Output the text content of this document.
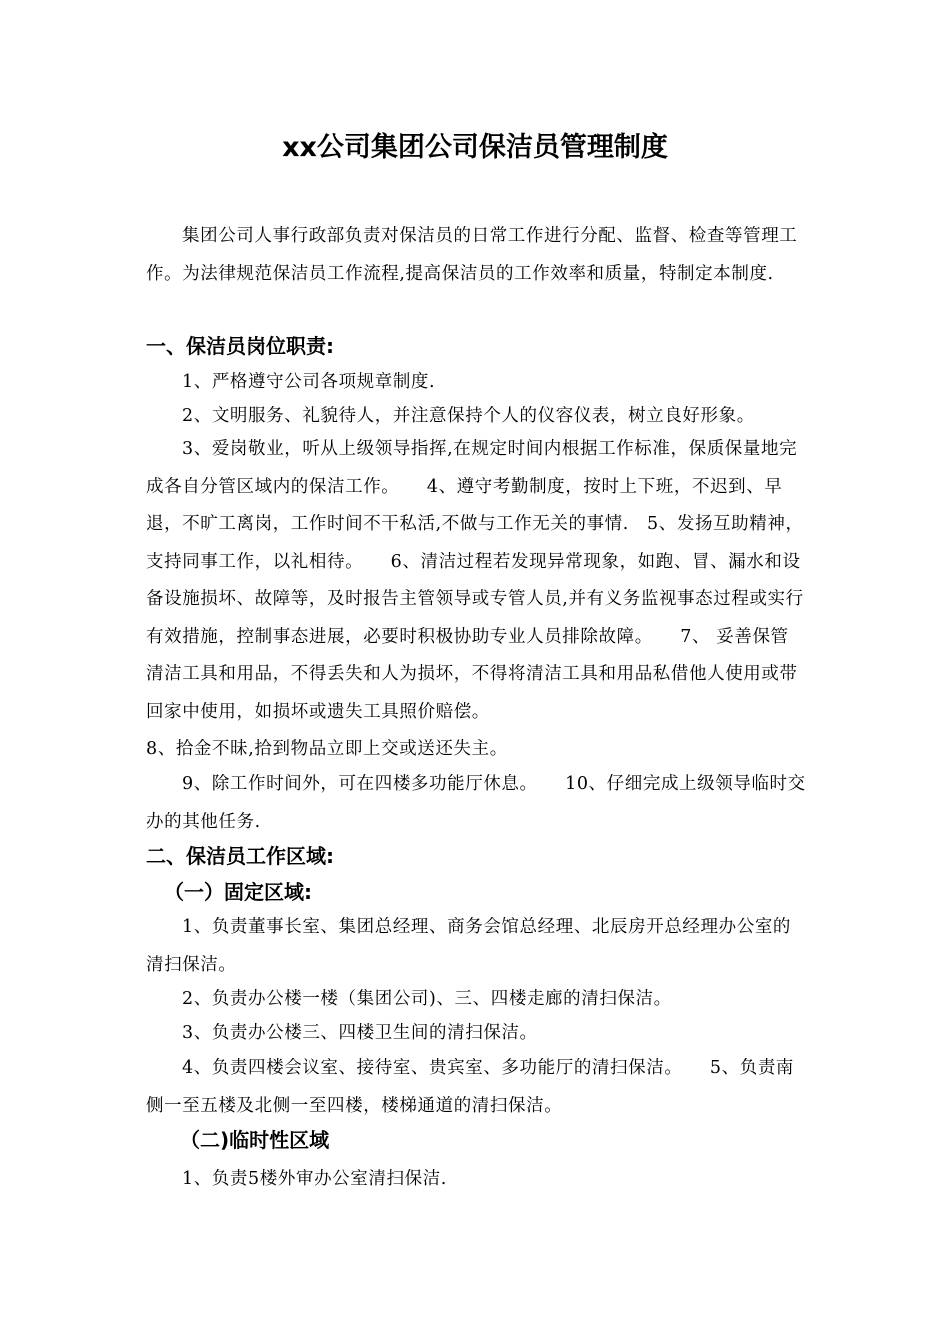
xx公司集团公司保洁员管理制度
集团公司人事行政部负责对保洁员的日常工作进行分配、监督、检查等管理工作。为法律规范保洁员工作流程,提高保洁员的工作效率和质量，特制定本制度.
一、保洁员岗位职责:
1、严格遵守公司各项规章制度.
2、文明服务、礼貌待人，并注意保持个人的仪容仪表，树立良好形象。
3、爱岗敬业，听从上级领导指挥,在规定时间内根据工作标准，保质保量地完成各自分管区域内的保洁工作。　　4、遵守考勤制度，按时上下班，不迟到、早退，不旷工离岗，工作时间不干私活,不做与工作无关的事情.　5、发扬互助精神，支持同事工作，以礼相待。　　6、清洁过程若发现异常现象，如跑、冒、漏水和设备设施损坏、故障等，及时报告主管领导或专管人员,并有义务监视事态过程或实行有效措施，控制事态进展，必要时积极协助专业人员排除故障。　　7、 妥善保管清洁工具和用品，不得丢失和人为损坏，不得将清洁工具和用品私借他人使用或带回家中使用，如损坏或遗失工具照价赔偿。
8、拾金不昧,拾到物品立即上交或送还失主。
9、除工作时间外，可在四楼多功能厅休息。　　10、仔细完成上级领导临时交办的其他任务.
二、保洁员工作区域:
（一）固定区域:
1、负责董事长室、集团总经理、商务会馆总经理、北辰房开总经理办公室的清扫保洁。
2、负责办公楼一楼（集团公司)、三、四楼走廊的清扫保洁。
3、负责办公楼三、四楼卫生间的清扫保洁。
4、负责四楼会议室、接待室、贵宾室、多功能厅的清扫保洁。　　5、负责南侧一至五楼及北侧一至四楼，楼梯通道的清扫保洁。
（二)临时性区域
1、负责5楼外审办公室清扫保洁.
